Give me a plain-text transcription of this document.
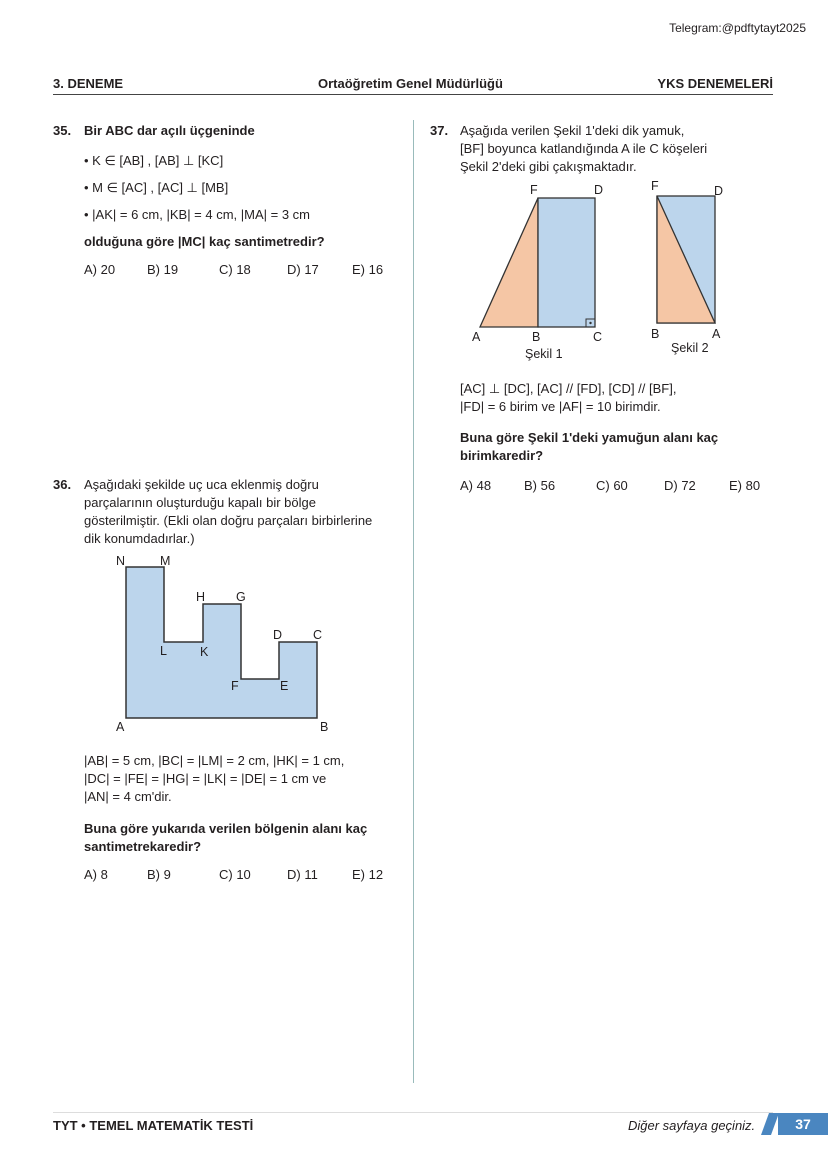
Telegram:@pdftytayt2025
3. DENEME	Ortaöğretim Genel Müdürlüğü	YKS DENEMELERİ
35. Bir ABC dar açılı üçgeninde
• K ∈ [AB] , [AB] ⊥ [KC]
• M ∈ [AC] , [AC] ⊥ [MB]
• |AK| = 6 cm, |KB| = 4 cm, |MA| = 3 cm
olduğuna göre |MC| kaç santimetredir?
A) 20 B) 19	C) 18	D) 17	E) 16
36. Aşağıdaki şekilde uç uca eklenmiş doğru
parçalarının oluşturduğu kapalı bir bölge
gösterilmiştir. (Ekli olan doğru parçaları birbirlerine
dik konumdadırlar.)
|AB| = 5 cm, |BC| = |LM| = 2 cm, |HK| = 1 cm,
|DC| = |FE| = |HG| = |LK| = |DE| = 1 cm ve
|AN| = 4 cm'dir.
Buna göre yukarıda verilen bölgenin alanı kaç
santimetrekaredir?
A) 8	B) 9	C) 10	D) 11	E) 12
37. Aşağıda verilen Şekil 1'deki dik yamuk,
[BF] boyunca katlandığında A ile C köşeleri
Şekil 2'deki gibi çakışmaktadır.
[AC] ⊥ [DC], [AC] // [FD], [CD] // [BF],
|FD| = 6 birim ve |AF| = 10 birimdir.
Buna göre Şekil 1'deki yamuğun alanı kaç
birimkaredir?
A) 48	B) 56	C) 60	D) 72	E) 80
N	M
H G
L	K
D C
F	E
A	B
F	D
A	B	C
Şekil 1
F	D
B	A
Şekil 2
TYT • TEMEL MATEMATİK TESTİ	Diğer sayfaya geçiniz.	37
